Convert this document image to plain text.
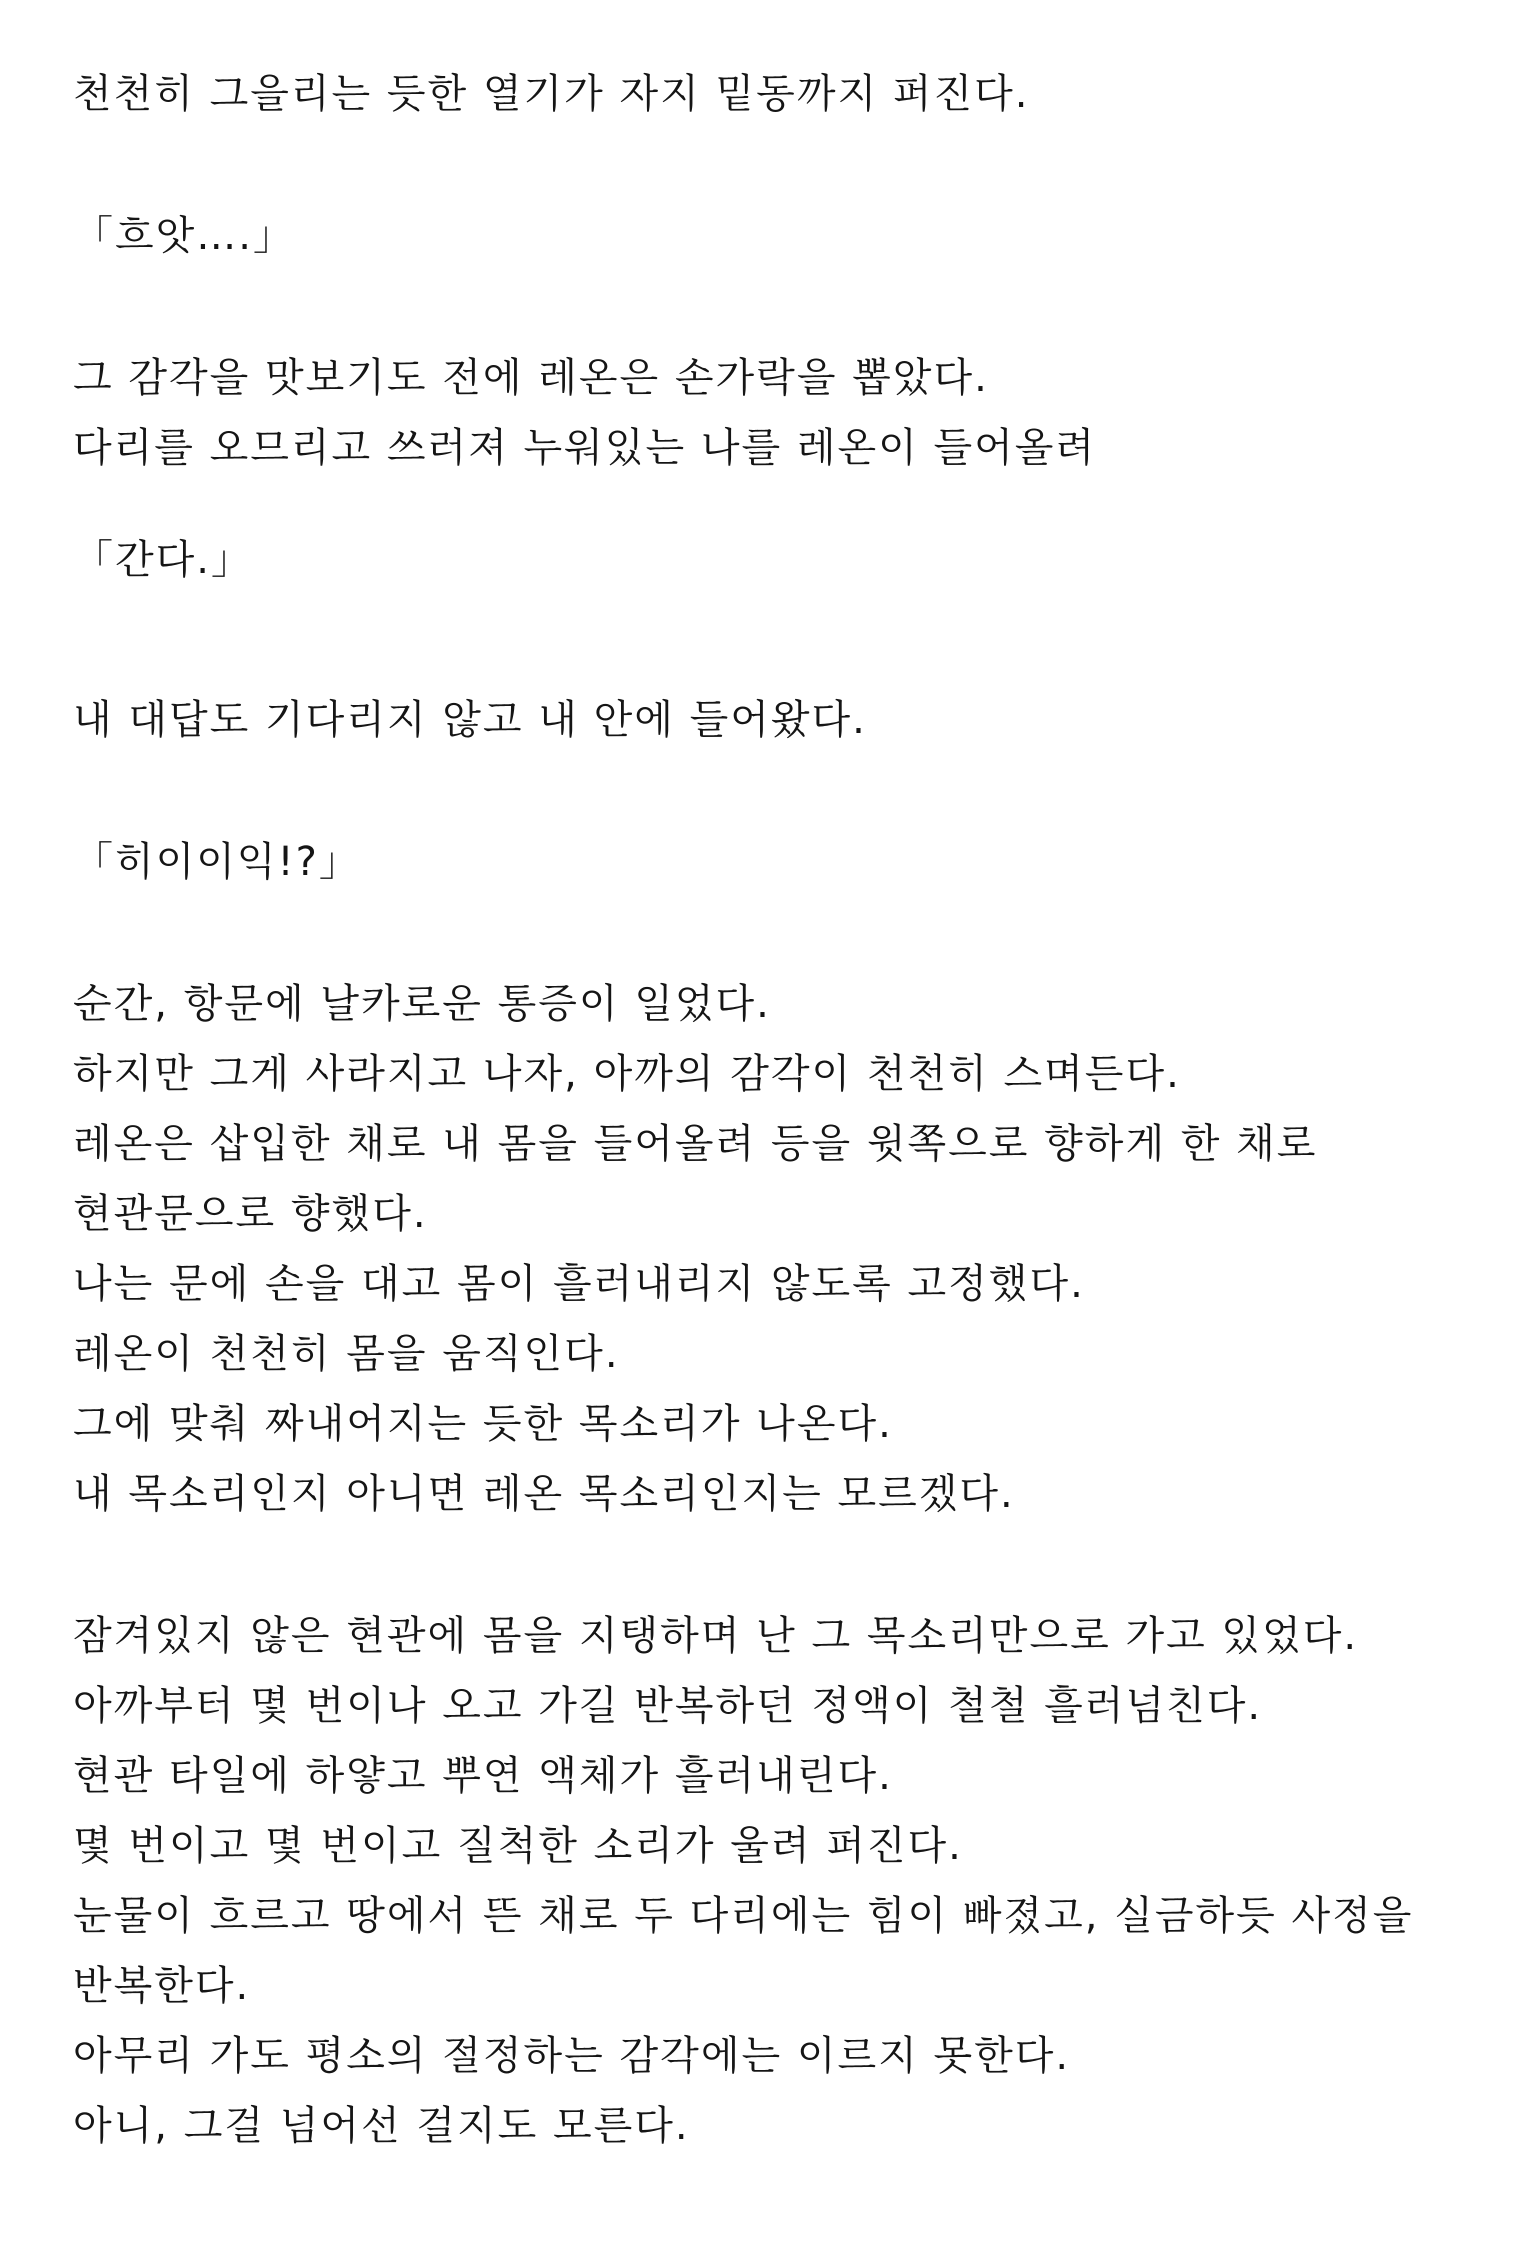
천천히 그을리는 듯한 열기가 자지 밑동까지 퍼진다.
「흐앗….」
그 감각을 맛보기도 전에 레온은 손가락을 뽑았다.
다리를 오므리고 쓰러져 누워있는 나를 레온이 들어올려
「간다.」
내 대답도 기다리지 않고 내 안에 들어왔다.
「히이이익!?」
순간, 항문에 날카로운 통증이 일었다.
하지만 그게 사라지고 나자, 아까의 감각이 천천히 스며든다.
레온은 삽입한 채로 내 몸을 들어올려 등을 윗쪽으로 향하게 한 채로
현관문으로 향했다.
나는 문에 손을 대고 몸이 흘러내리지 않도록 고정했다.
레온이 천천히 몸을 움직인다.
그에 맞춰 짜내어지는 듯한 목소리가 나온다.
내 목소리인지 아니면 레온 목소리인지는 모르겠다.
잠겨있지 않은 현관에 몸을 지탱하며 난 그 목소리만으로 가고 있었다.
아까부터 몇 번이나 오고 가길 반복하던 정액이 철철 흘러넘친다.
현관 타일에 하얗고 뿌연 액체가 흘러내린다.
몇 번이고 몇 번이고 질척한 소리가 울려 퍼진다.
눈물이 흐르고 땅에서 뜬 채로 두 다리에는 힘이 빠졌고, 실금하듯 사정을
반복한다.
아무리 가도 평소의 절정하는 감각에는 이르지 못한다.
아니, 그걸 넘어선 걸지도 모른다.
